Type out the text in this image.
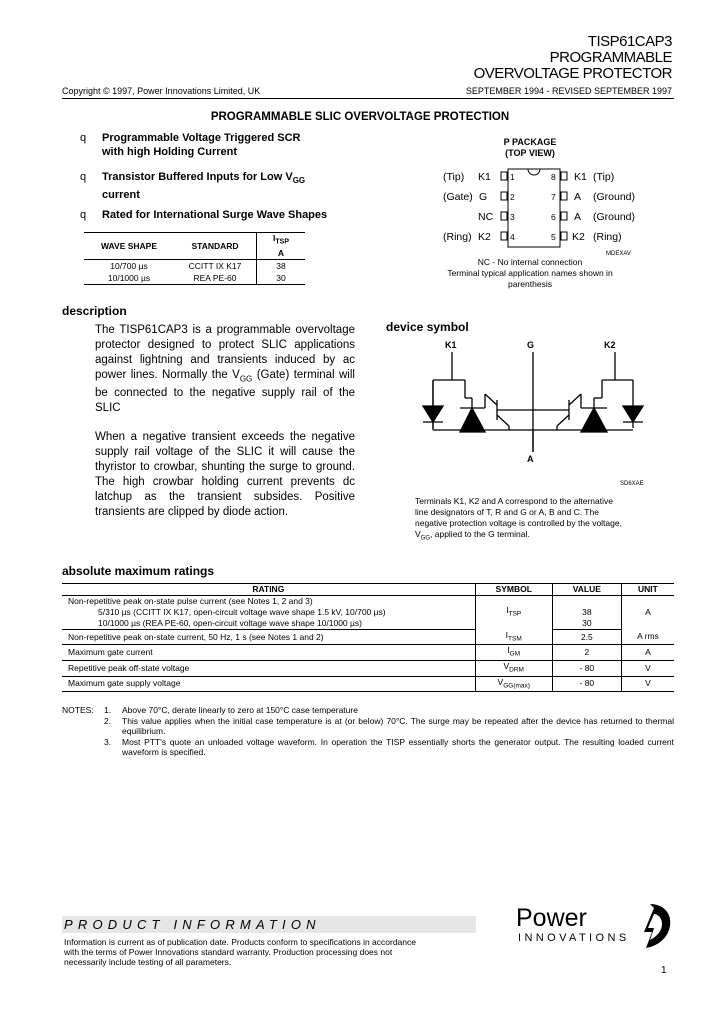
TISP61CAP3
PROGRAMMABLE
OVERVOLTAGE PROTECTOR
Copyright © 1997, Power Innovations Limited, UK	SEPTEMBER 1994 - REVISED SEPTEMBER 1997
PROGRAMMABLE SLIC OVERVOLTAGE PROTECTION
q Programmable Voltage Triggered SCR
with high Holding Current
q Transistor Buffered Inputs for Low $V_{GG}$
current
q Rated for International Surge Wave Shapes
WAVE SHAPE	STANDARD	$I_{TSP}$
A
10/700 µs	CCITT IX K17	38
10/1000 µs	REA PE-60	30
P PACKAGE
(TOP VIEW)
(Tip) K1 1
(Gate) G	2
NC 3
(Ring) K2 4
8 K1 (Tip)
7 A (Ground)
6 A (Ground)
5 K2 (Ring)
MDEXAV
NC - No internal connection
Terminal typical application names shown in
parenthesis
description

The TISP61CAP3 is a programmable overvoltage protector designed to protect SLIC applications against lightning and transients induced by ac power lines. Normally the $V_{GG}$ (Gate) terminal will be connected to the negative supply rail of the SLIC

When a negative transient exceeds the negative supply rail voltage of the SLIC it will cause the thyristor to crowbar, shunting the surge to ground. The high crowbar holding current prevents dc latchup as the transient subsides. Positive transients are clipped by diode action.

device symbol
K1	G	K2
A
SD6XAE
Terminals K1, K2 and A correspond to the alternative
line designators of T, R and G or A, B and C. The
negative protection voltage is controlled by the voltage,
$V_{GG}$, applied to the G terminal.
absolute maximum ratings
RATING	SYMBOL	VALUE	UNIT
Non-repetitive peak on-state pulse current (see Notes 1, 2 and 3)	$I_{TSP}$		A
5/310 µs (CCITT IX K17, open-circuit voltage wave shape 1.5 kV, 10/700 µs)		38	
10/1000 µs (REA PE-60, open-circuit voltage wave shape 10/1000 µs)		30	
Non-repetitive peak on-state current, 50 Hz, 1 s (see Notes 1 and 2)	$I_{TSM}$	2.5	A rms
Maximum gate current	$I_{GM}$	2	A
Repetitive peak off-state voltage	$V_{DRM}$	- 80	V
Maximum gate supply voltage	$V_{GG(max)}$	- 80	V
NOTES:	1.	Above 70°C, derate linearly to zero at 150°C case temperature
2.	This value applies when the initial case temperature is at (or below) 70°C. The surge may be repeated after the device has returned to thermal equilibrium.
3.	Most PTT's quote an unloaded voltage waveform. In operation the TISP essentially shorts the generator output. The resulting loaded current waveform is specified.
PRODUCT INFORMATION
Information is current as of publication date. Products conform to specifications in accordance
with the terms of Power Innovations standard warranty. Production processing does not
necessarily include testing of all parameters.
Power
INNOVATIONS
1
